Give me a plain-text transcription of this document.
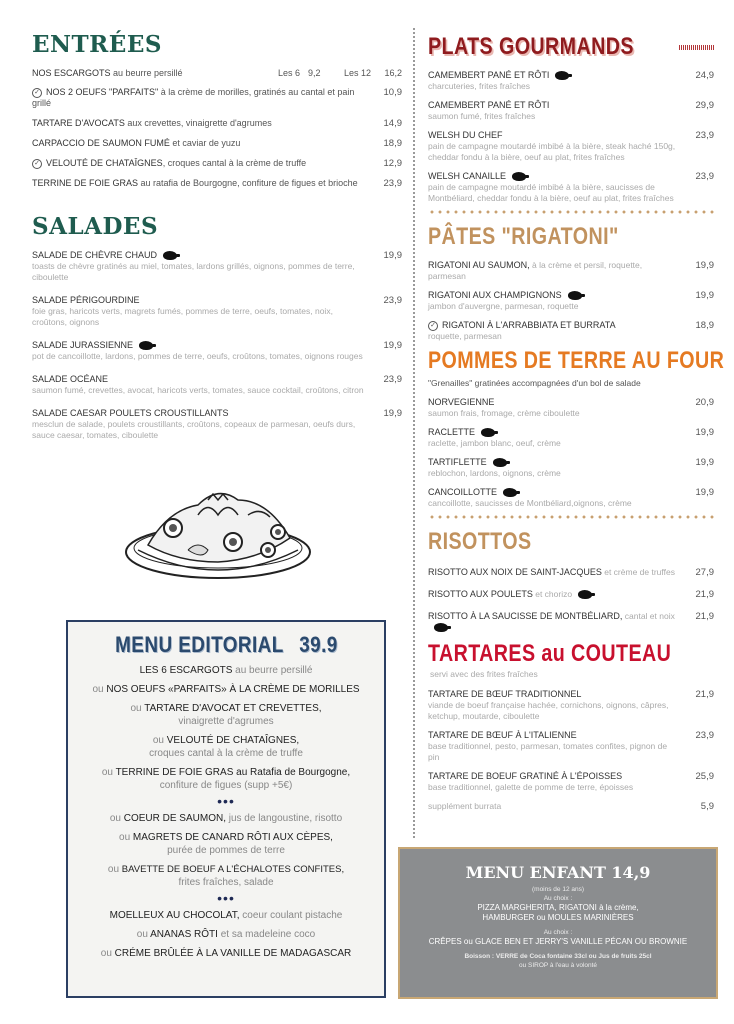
ENTRÉES
NOS ESCARGOTS au beurre persillé	Les 6 9,2	Les 12	16,2
✓ NOS 2 OEUFS "PARFAITS" à la crème de morilles, gratinés au cantal et pain grillé
10,9
TARTARE D'AVOCATS aux crevettes, vinaigrette d'agrumes	14,9
CARPACCIO DE SAUMON FUMÉ et caviar de yuzu	18,9
✓ VELOUTÉ DE CHATAÎGNES, croques cantal à la crème de truffe	12,9
TERRINE DE FOIE GRAS au ratafia de Bourgogne, confiture de figues et brioche	23,9
SALADES
SALADE DE CHÈVRE CHAUD
toasts de chèvre gratinés au miel, tomates, lardons grillés, oignons, pommes de terre, ciboulette
19,9
SALADE PÉRIGOURDINE
foie gras, haricots verts, magrets fumés, pommes de terre, oeufs, tomates, noix, croûtons, oignons
23,9
SALADE JURASSIENNE
pot de cancoillotte, lardons, pommes de terre, oeufs, croûtons, tomates, oignons rouges
19,9
SALADE OCÉANE
saumon fumé, crevettes, avocat, haricots verts, tomates, sauce cocktail, croûtons, citron
23,9
SALADE CAESAR POULETS CROUSTILLANTS
mesclun de salade, poulets croustillants, croûtons, copeaux de parmesan, oeufs durs, sauce caesar, tomates, ciboulette
19,9
MENU EDITORIAL 39.9
LES 6 ESCARGOTS au beurre persillé
ou NOS OEUFS «PARFAITS» À LA CRÈME DE MORILLES
ou TARTARE D'AVOCAT ET CREVETTES,
vinaigrette d'agrumes
ou VELOUTÉ DE CHATAÎGNES,
croques cantal à la crème de truffe
ou TERRINE DE FOIE GRAS au Ratafia de Bourgogne,
confiture de figues (supp +5€)
•••
ou COEUR DE SAUMON, jus de langoustine, risotto
ou MAGRETS DE CANARD RÔTI AUX CÈPES,
purée de pommes de terre
ou BAVETTE DE BOEUF A L'ÉCHALOTES CONFITES,
frites fraîches, salade
•••
MOELLEUX AU CHOCOLAT, coeur coulant pistache
ou ANANAS RÔTI et sa madeleine coco
ou CRÉME BRÛLÉE À LA VANILLE DE MADAGASCAR
PLATS GOURMANDS
CAMEMBERT PANÉ ET RÔTI
charcuteries, frites fraîches
24,9
CAMEMBERT PANÉ ET RÔTI
saumon fumé, frites fraîches
29,9
WELSH DU CHEF
pain de campagne moutardé imbibé à la bière, steak haché 150g, cheddar fondu à la bière, oeuf au plat, frites fraîches
23,9
WELSH CANAILLE
pain de campagne moutardé imbibé à la bière, saucisses de Montbéliard, cheddar fondu à la bière, oeuf au plat, frites fraîches
23,9
PÂTES "RIGATONI"
RIGATONI AU SAUMON, à la crème et persil, roquette,
parmesan
19,9
RIGATONI AUX CHAMPIGNONS
jambon d'auvergne, parmesan, roquette
19,9
✓ RIGATONI À L'ARRABBIATA ET BURRATA
roquette, parmesan
18,9
POMMES DE TERRE AU FOUR
"Grenailles" gratinées accompagnées d'un bol de salade
NORVEGIENNE
saumon frais, fromage, crème ciboulette
20,9
RACLETTE
raclette, jambon blanc, oeuf, crème
19,9
TARTIFLETTE
reblochon, lardons, oignons, crème
19,9
CANCOILLOTTE
cancoillotte, saucisses de Montbéliard,oignons, crème
19,9
RISOTTOS
RISOTTO AUX NOIX DE SAINT-JACQUES et crème de truffes 27,9
RISOTTO AUX POULETS et chorizo	21,9
RISOTTO À LA SAUCISSE DE MONTBÉLIARD, cantal et noix 21,9
TARTARES au COUTEAU
servi avec des frites fraîches
TARTARE DE BŒUF TRADITIONNEL
viande de boeuf française hachée, cornichons, oignons, câpres, ketchup, moutarde, ciboulette
21,9
TARTARE DE BŒUF À L'ITALIENNE
base traditionnel, pesto, parmesan, tomates confites, pignon de pin
23,9
TARTARE DE BOEUF GRATINÉ À L'ÉPOISSES
base traditionnel, galette de pomme de terre, époisses
25,9
supplément burrata	5,9
MENU ENFANT 14,9
(moins de 12 ans)
Au choix :
PIZZA MARGHERITA, RIGATONI à la crème,
HAMBURGER ou MOULES MARINIÈRES
Au choix :
CRÊPES ou GLACE BEN ET JERRY'S VANILLE PÉCAN OU BROWNIE
Boisson : VERRE de Coca fontaine 33cl ou Jus de fruits 25cl
ou SIROP à l'eau à volonté
